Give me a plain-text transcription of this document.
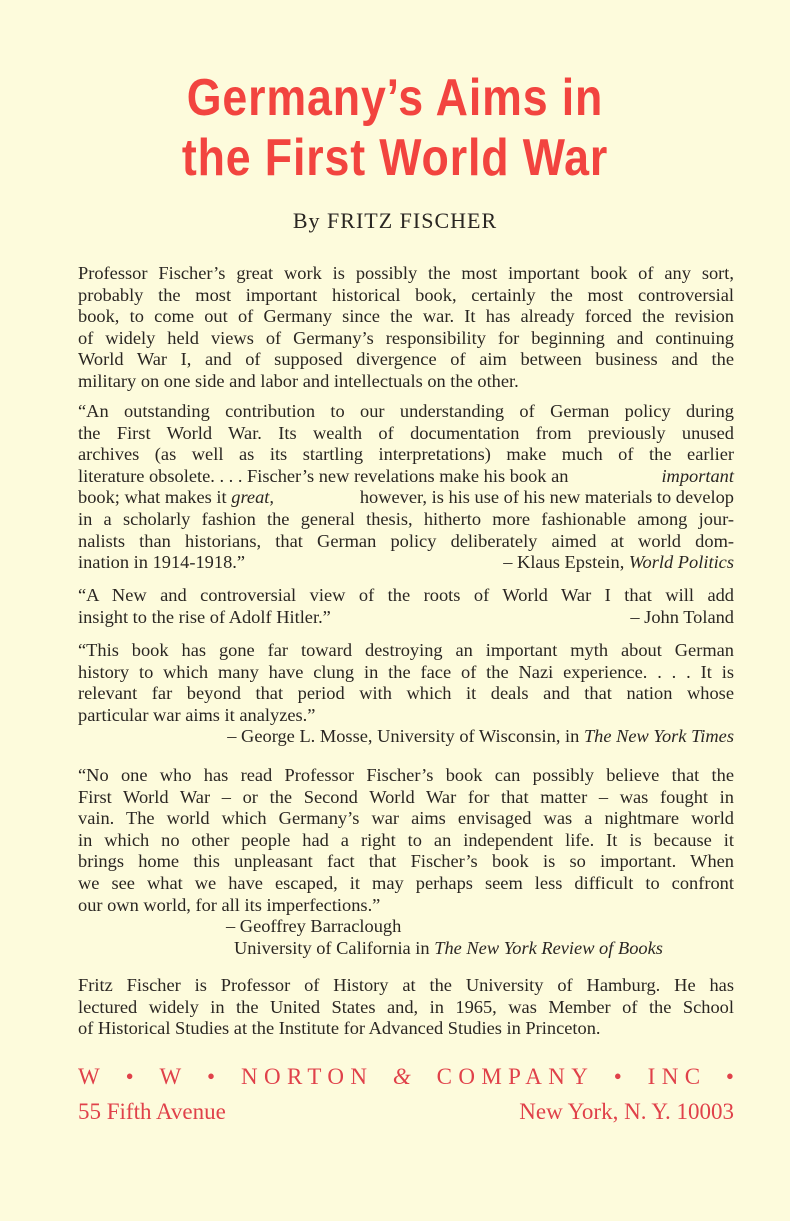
Germany’s Aims in
the First World War
By FRITZ FISCHER
Professor Fischer’s great work is possibly the most important book of any sort,
probably the most important historical book, certainly the most controversial
book, to come out of Germany since the war. It has already forced the revision
of widely held views of Germany’s responsibility for beginning and continuing
World War I, and of supposed divergence of aim between business and the
military on one side and labor and intellectuals on the other.
“An outstanding contribution to our understanding of German policy during
the First World War. Its wealth of documentation from previously unused
archives (as well as its startling interpretations) make much of the earlier
literature obsolete. . . . Fischer’s new revelations make his book an	important
book; what makes it great,	however, is his use of his new materials to develop
in a scholarly fashion the general thesis, hitherto more fashionable among jour-
nalists than historians, that German policy deliberately aimed at world dom-
ination in 1914-1918.”	– Klaus Epstein, World Politics
“A New and controversial view of the roots of World War I that will add
insight to the rise of Adolf Hitler.”	– John Toland
“This book has gone far toward destroying an important myth about German
history to which many have clung in the face of the Nazi experience. . . . It is
relevant far beyond that period with which it deals and that nation whose
particular war aims it analyzes.”
– George L. Mosse, University of Wisconsin, in The New York Times
“No one who has read Professor Fischer’s book can possibly believe that the
First World War – or the Second World War for that matter – was fought in
vain. The world which Germany’s war aims envisaged was a nightmare world
in which no other people had a right to an independent life. It is because it
brings home this unpleasant fact that Fischer’s book is so important. When
we see what we have escaped, it may perhaps seem less difficult to confront
our own world, for all its imperfections.”
– Geoffrey Barraclough
University of California in The New York Review of Books
Fritz Fischer is Professor of History at the University of Hamburg. He has
lectured widely in the United States and, in 1965, was Member of the School
of Historical Studies at the Institute for Advanced Studies in Princeton.
W • W • NORTON & COMPANY • INC •
55 Fifth Avenue	New York, N. Y. 10003
